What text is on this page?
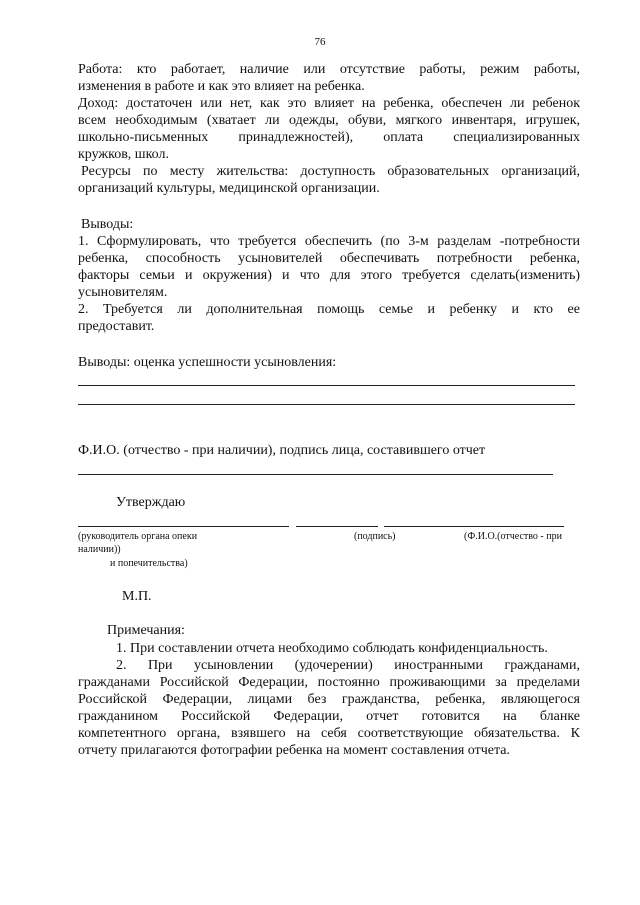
76
Работа: кто работает, наличие или отсутствие работы, режим работы,
изменения в работе и как это влияет на ребенка.
Доход: достаточен или нет, как это влияет на ребенка, обеспечен ли ребенок
всем необходимым (хватает ли одежды, обуви, мягкого инвентаря, игрушек,
школьно-письменных принадлежностей), оплата специализированных
кружков, школ.
Ресурсы по месту жительства: доступность образовательных организаций,
организаций культуры, медицинской организации.
Выводы:
1. Сформулировать, что требуется обеспечить (по 3-м разделам -потребности
ребенка, способность усыновителей обеспечивать потребности ребенка,
факторы семьи и окружения) и что для этого требуется сделать(изменить)
усыновителям.
2. Требуется ли дополнительная помощь семье и ребенку и кто ее
предоставит.
Выводы: оценка успешности усыновления:
Ф.И.О. (отчество - при наличии), подпись лица, составившего отчет
Утверждаю
(руководитель органа опеки	(подпись)	(Ф.И.О.(отчество - при
наличии))
и попечительства)
М.П.
Примечания:
1. При составлении отчета необходимо соблюдать конфиденциальность.
2. При усыновлении (удочерении) иностранными гражданами,
гражданами Российской Федерации, постоянно проживающими за пределами
Российской Федерации, лицами без гражданства, ребенка, являющегося
гражданином Российской Федерации, отчет готовится на бланке
компетентного органа, взявшего на себя соответствующие обязательства. К
отчету прилагаются фотографии ребенка на момент составления отчета.
